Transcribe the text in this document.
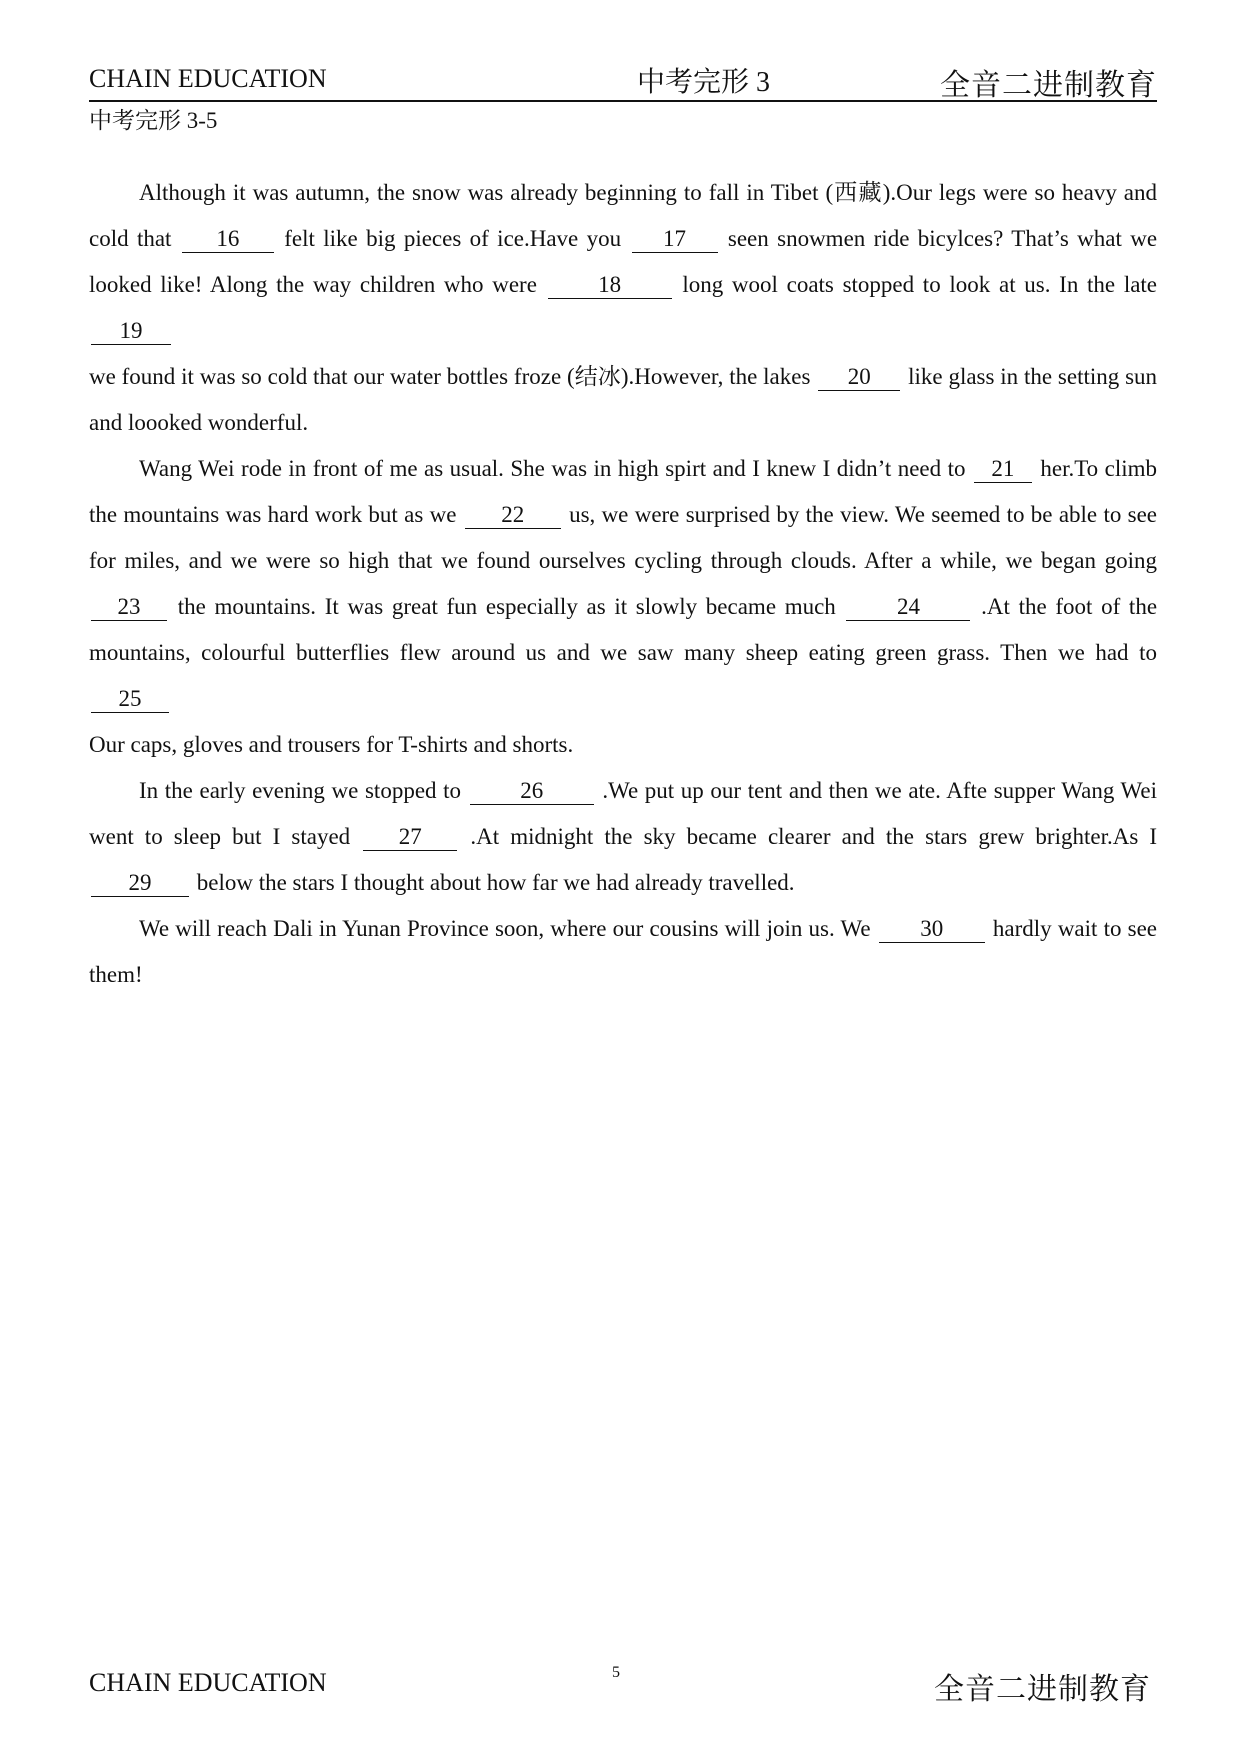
CHAIN EDUCATION	中考完形 3	全音二进制教育
中考完形 3-5

Although it was autumn, the snow was already beginning to fall in Tibet (西藏).Our legs were so heavy and cold that 16 felt like big pieces of ice.Have you 17 seen snowmen ride bicylces? That’s what we looked like! Along the way children who were	18	long wool coats stopped to look at us. In the late 19
we found it was so cold that our water bottles froze (结冰).However, the lakes 20 like glass in the setting sun and loooked wonderful.

Wang Wei rode in front of me as usual. She was in high spirt and I knew I didn’t need to 21 her.To climb the mountains was hard work but as we 22 us, we were surprised by the view. We seemed to be able to see for miles, and we were so high that we found ourselves cycling through clouds. After a while, we began going 23 the mountains. It was great fun especially as it slowly became much	24	.At the foot of the mountains, colourful butterflies flew around us and we saw many sheep eating green grass. Then we had to 25
Our caps, gloves and trousers for T-shirts and shorts.

In the early evening we stopped to	26	.We put up our tent and then we ate. Afte supper Wang Wei went to sleep but I stayed 27 .At midnight the sky became clearer and the stars grew brighter.As I 29 below the stars I thought about how far we had already travelled.

We will reach Dali in Yunan Province soon, where our cousins will join us. We 30 hardly wait to see them!

CHAIN EDUCATION	5
全音二进制教育
